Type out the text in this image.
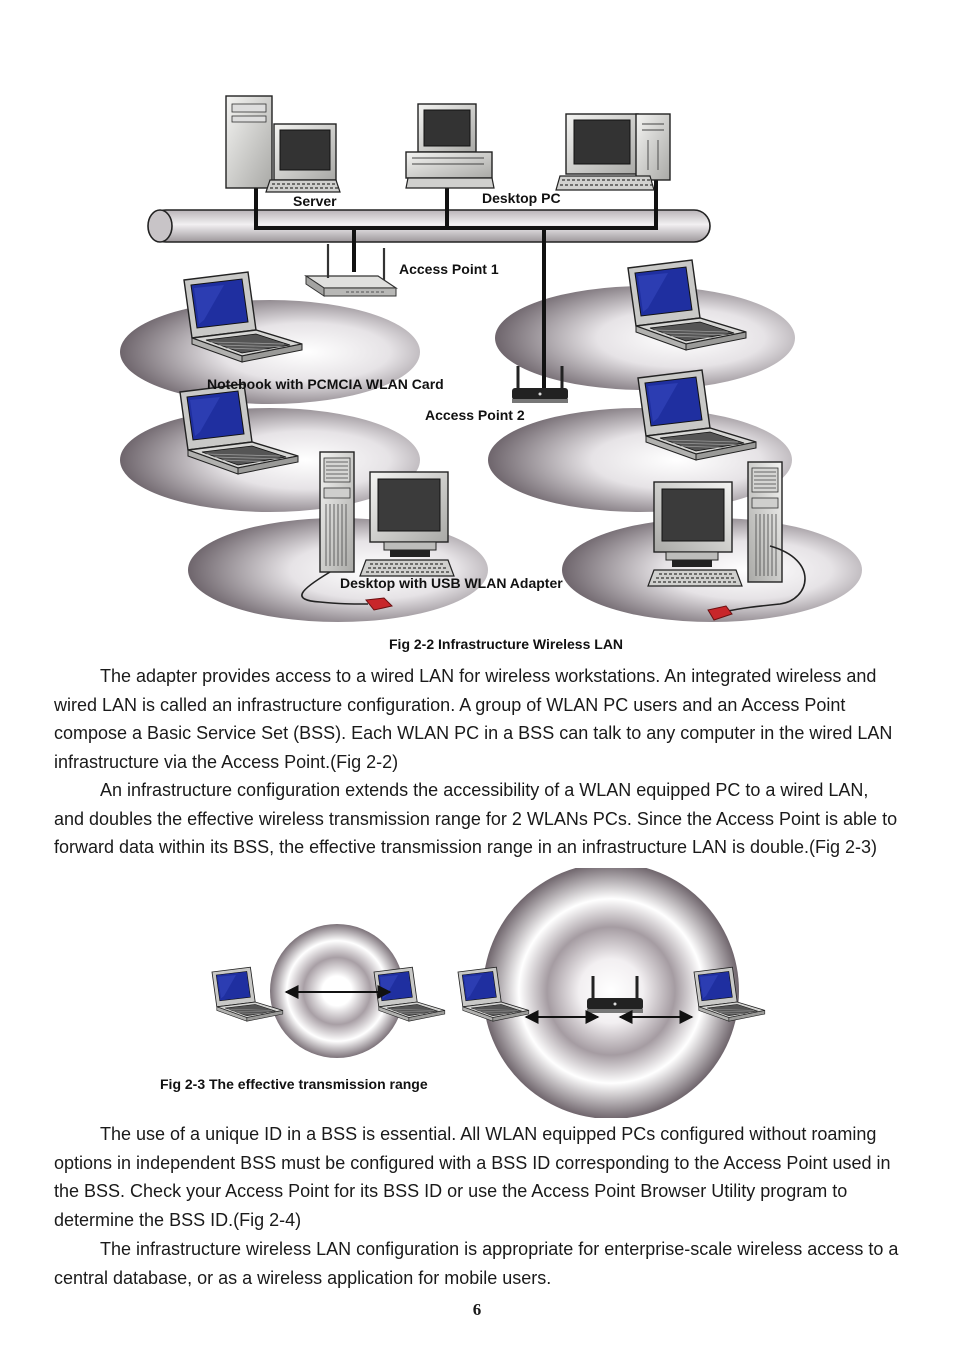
Server	Desktop PC
Access Point 1
Notebook with PCMCIA WLAN Card
Access Point 2
Desktop with USB WLAN Adapter
Fig 2-2 Infrastructure Wireless LAN

The adapter provides access to a wired LAN for wireless workstations. An integrated wireless and wired LAN is called an infrastructure configuration. A group of WLAN PC users and an Access Point compose a Basic Service Set (BSS). Each WLAN PC in a BSS can talk to any computer in the wired LAN infrastructure via the Access Point.(Fig 2-2)

An infrastructure configuration extends the accessibility of a WLAN equipped PC to a wired LAN, and doubles the effective wireless transmission range for 2 WLANs PCs. Since the Access Point is able to forward data within its BSS, the effective transmission range in an infrastructure LAN is double.(Fig 2-3)

Fig 2-3 The effective transmission range

The use of a unique ID in a BSS is essential. All WLAN equipped PCs configured without roaming options in independent BSS must be configured with a BSS ID corresponding to the Access Point used in the BSS. Check your Access Point for its BSS ID or use the Access Point Browser Utility program to determine the BSS ID.(Fig 2-4)

The infrastructure wireless LAN configuration is appropriate for enterprise-scale wireless access to a central database, or as a wireless application for mobile users.

6
